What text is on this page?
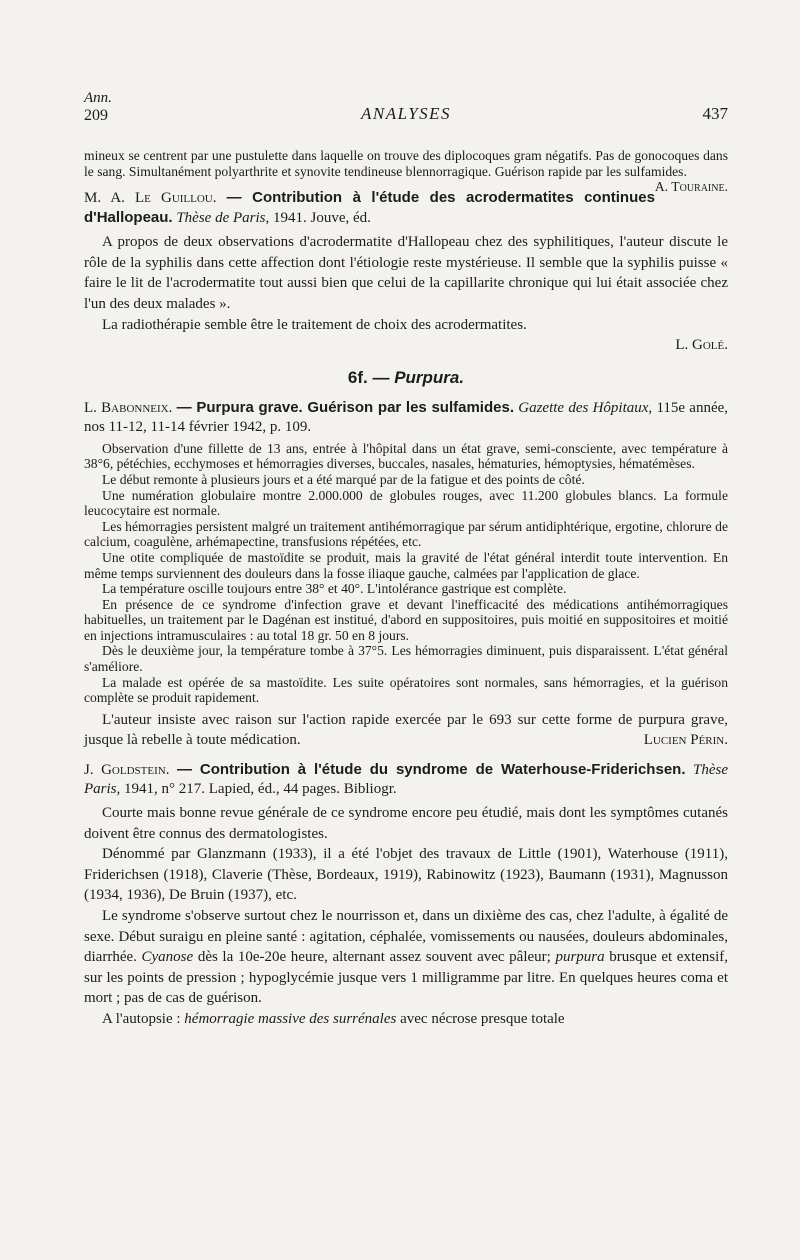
Ann.
209	ANALYSES	437

mineux se centrent par une pustulette dans laquelle on trouve des diplocoques gram négatifs. Pas de gonocoques dans le sang. Simultanément polyarthrite et synovite tendineuse blennorragique. Guérison rapide par les sulfamides.
A. Touraine.

M. A. Le Guillou. — Contribution à l'étude des acrodermatites continues d'Hallopeau. Thèse de Paris, 1941. Jouve, éd.

A propos de deux observations d'acrodermatite d'Hallopeau chez des syphilitiques, l'auteur discute le rôle de la syphilis dans cette affection dont l'étiologie reste mystérieuse. Il semble que la syphilis puisse « faire le lit de l'acrodermatite tout aussi bien que celui de la capillarite chronique qui lui était associée chez l'un des deux malades ».

La radiothérapie semble être le traitement de choix des acrodermatites.

L. Golé.

6f. — Purpura.

L. Babonneix. — Purpura grave. Guérison par les sulfamides. Gazette des Hôpitaux, 115e année, nos 11-12, 11-14 février 1942, p. 109.

Observation d'une fillette de 13 ans, entrée à l'hôpital dans un état grave, semi-consciente, avec température à 38°6, pétéchies, ecchymoses et hémorragies diverses, buccales, nasales, hématuries, hémoptysies, hématémèses.

Le début remonte à plusieurs jours et a été marqué par de la fatigue et des points de côté.

Une numération globulaire montre 2.000.000 de globules rouges, avec 11.200 globules blancs. La formule leucocytaire est normale.

Les hémorragies persistent malgré un traitement antihémorragique par sérum antidiphtérique, ergotine, chlorure de calcium, coagulène, arhémapectine, transfusions répétées, etc.

Une otite compliquée de mastoïdite se produit, mais la gravité de l'état général interdit toute intervention. En même temps surviennent des douleurs dans la fosse iliaque gauche, calmées par l'application de glace.

La température oscille toujours entre 38° et 40°. L'intolérance gastrique est complète.

En présence de ce syndrome d'infection grave et devant l'inefficacité des médications antihémorragiques habituelles, un traitement par le Dagénan est institué, d'abord en suppositoires, puis moitié en suppositoires et moitié en injections intramusculaires : au total 18 gr. 50 en 8 jours.

Dès le deuxième jour, la température tombe à 37°5. Les hémorragies diminuent, puis disparaissent. L'état général s'améliore.

La malade est opérée de sa mastoïdite. Les suite opératoires sont normales, sans hémorragies, et la guérison complète se produit rapidement.

L'auteur insiste avec raison sur l'action rapide exercée par le 693 sur cette forme de purpura grave, jusque là rebelle à toute médication.	Lucien Périn.

J. Goldstein. — Contribution à l'étude du syndrome de Waterhouse-Friderichsen. Thèse Paris, 1941, n° 217. Lapied, éd., 44 pages. Bibliogr.

Courte mais bonne revue générale de ce syndrome encore peu étudié, mais dont les symptômes cutanés doivent être connus des dermatologistes.

Dénommé par Glanzmann (1933), il a été l'objet des travaux de Little (1901), Waterhouse (1911), Friderichsen (1918), Claverie (Thèse, Bordeaux, 1919), Rabinowitz (1923), Baumann (1931), Magnusson (1934, 1936), De Bruin (1937), etc.

Le syndrome s'observe surtout chez le nourrisson et, dans un dixième des cas, chez l'adulte, à égalité de sexe. Début suraigu en pleine santé : agitation, céphalée, vomissements ou nausées, douleurs abdominales, diarrhée. Cyanose dès la 10e-20e heure, alternant assez souvent avec pâleur; purpura brusque et extensif, sur les points de pression ; hypoglycémie jusque vers 1 milligramme par litre. En quelques heures coma et mort ; pas de cas de guérison.

A l'autopsie : hémorragie massive des surrénales avec nécrose presque totale
